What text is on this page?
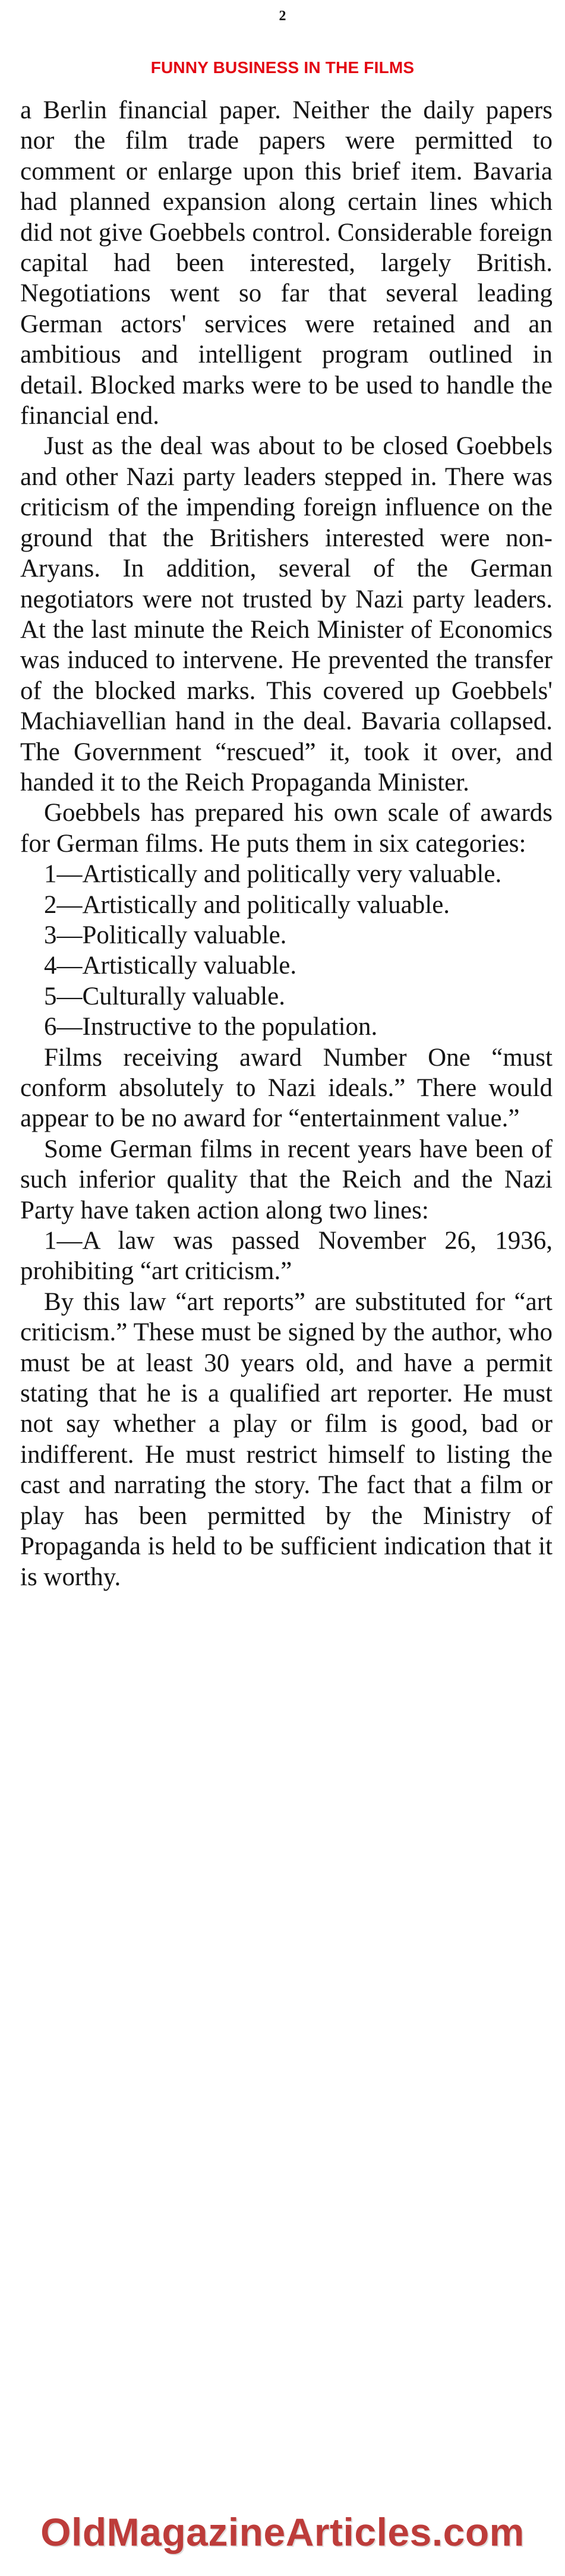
2
FUNNY BUSINESS IN THE FILMS

a Berlin financial paper. Neither the daily papers nor the film trade papers were permitted to comment or enlarge upon this brief item. Bavaria had planned expansion along certain lines which did not give Goebbels control. Considerable foreign capital had been interested, largely British. Negotiations went so far that several leading German actors' services were retained and an ambitious and intelligent program outlined in detail. Blocked marks were to be used to handle the financial end.

Just as the deal was about to be closed Goebbels and other Nazi party leaders stepped in. There was criticism of the impending foreign influence on the ground that the Britishers interested were non-Aryans. In addition, several of the German negotiators were not trusted by Nazi party leaders. At the last minute the Reich Minister of Economics was induced to intervene. He prevented the transfer of the blocked marks. This covered up Goebbels' Machiavellian hand in the deal. Bavaria collapsed. The Government “rescued” it, took it over, and handed it to the Reich Propaganda Minister.

Goebbels has prepared his own scale of awards for German films. He puts them in six categories:

1—Artistically and politically very valuable.

2—Artistically and politically valuable.

3—Politically valuable.

4—Artistically valuable.

5—Culturally valuable.

6—Instructive to the population.

Films receiving award Number One “must conform absolutely to Nazi ideals.” There would appear to be no award for “entertainment value.”

Some German films in recent years have been of such inferior quality that the Reich and the Nazi Party have taken action along two lines:

1—A law was passed November 26, 1936, prohibiting “art criticism.”

By this law “art reports” are substituted for “art criticism.” These must be signed by the author, who must be at least 30 years old, and have a permit stating that he is a qualified art reporter. He must not say whether a play or film is good, bad or indifferent. He must restrict himself to listing the cast and narrating the story. The fact that a film or play has been permitted by the Ministry of Propaganda is held to be sufficient indication that it is worthy.

OldMagazineArticles.com
